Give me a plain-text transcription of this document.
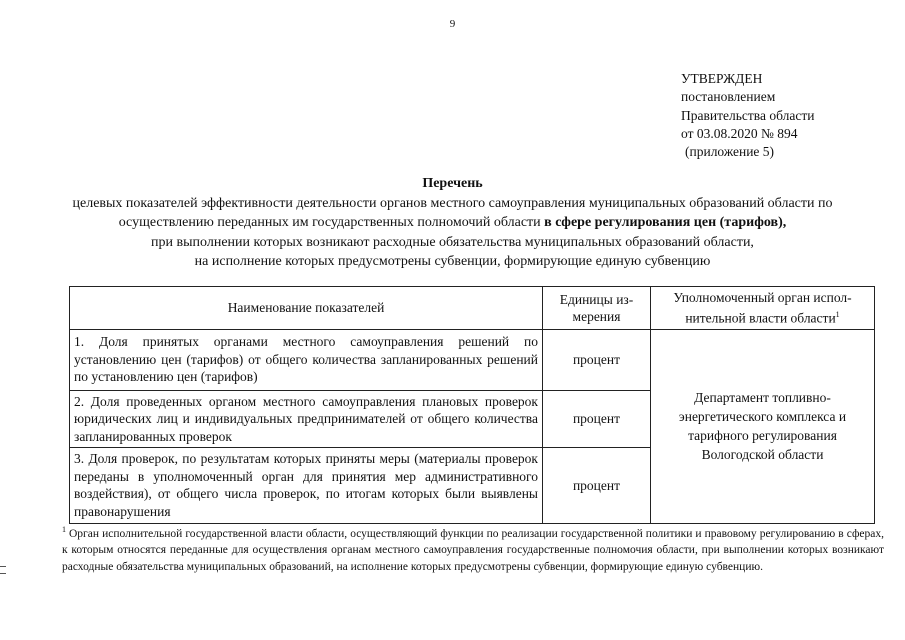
9
УТВЕРЖДЕН
постановлением
Правительства области
от 03.08.2020 № 894
(приложение 5)
Перечень
целевых показателей эффективности деятельности органов местного самоуправления муниципальных образований области по
осуществлению переданных им государственных полномочий области в сфере регулирования цен (тарифов),
при выполнении которых возникают расходные обязательства муниципальных образований области,
на исполнение которых предусмотрены субвенции, формирующие единую субвенцию
Наименование показателей	Единицы из-мерения	Уполномоченный орган испол-нительной власти области$^1$
1. Доля принятых органами местного самоуправления решений по установлению цен (тарифов) от общего количества запланированных решений по установлению цен (тарифов)	процент	Департамент топливно-энергетического комплекса и тарифного регулирования Вологодской области
2. Доля проведенных органом местного самоуправления плановых проверок юридических лиц и индивидуальных предпринимателей от общего количества запланированных проверок	процент	
3. Доля проверок, по результатам которых приняты меры (материалы проверок переданы в уполномоченный орган для принятия мер административного воздействия), от общего числа проверок, по итогам которых были выявлены правонарушения	процент	
$^1$ Орган исполнительной государственной власти области, осуществляющий функции по реализации государственной политики и правовому регулированию в сферах, к которым относятся переданные для осуществления органам местного самоуправления государственные полномочия области, при выполнении которых возникают расходные обязательства муниципальных образований, на исполнение которых предусмотрены субвенции, формирующие единую субвенцию.
